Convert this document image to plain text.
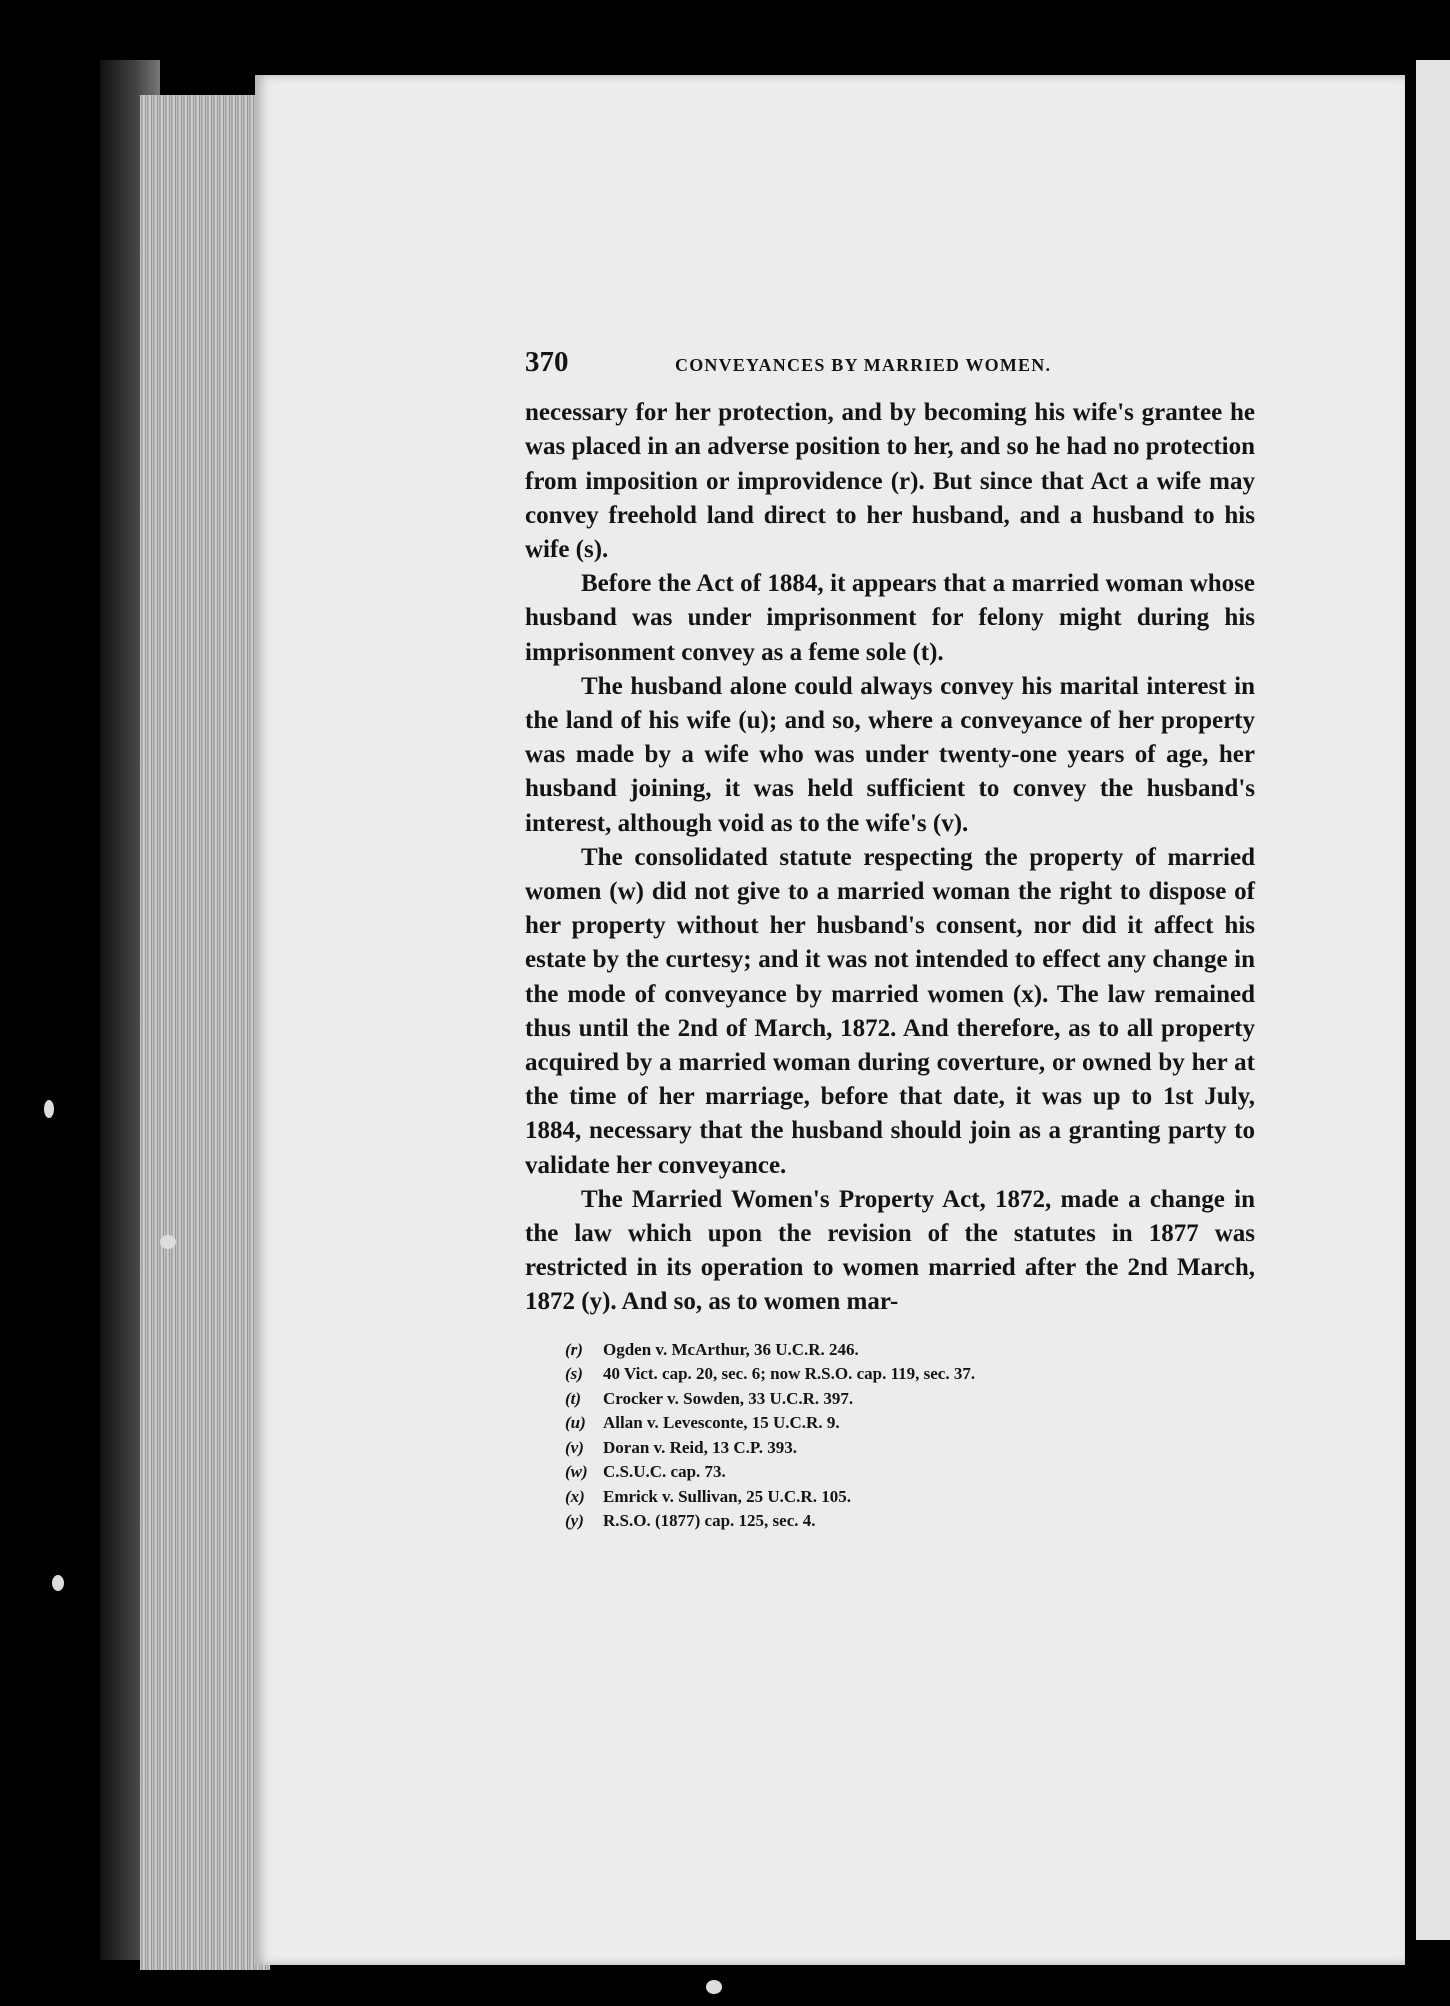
370	CONVEYANCES BY MARRIED WOMEN.

necessary for her protection, and by becoming his wife's grantee he was placed in an adverse position to her, and so he had no protection from imposition or improvidence (r). But since that Act a wife may convey freehold land direct to her husband, and a husband to his wife (s).

Before the Act of 1884, it appears that a married woman whose husband was under imprisonment for felony might during his imprisonment convey as a feme sole (t).

The husband alone could always convey his marital interest in the land of his wife (u); and so, where a conveyance of her property was made by a wife who was under twenty-one years of age, her husband joining, it was held sufficient to convey the husband's interest, although void as to the wife's (v).

The consolidated statute respecting the property of married women (w) did not give to a married woman the right to dispose of her property without her husband's consent, nor did it affect his estate by the curtesy; and it was not intended to effect any change in the mode of conveyance by married women (x). The law remained thus until the 2nd of March, 1872. And therefore, as to all property acquired by a married woman during coverture, or owned by her at the time of her marriage, before that date, it was up to 1st July, 1884, necessary that the husband should join as a granting party to validate her conveyance.

The Married Women's Property Act, 1872, made a change in the law which upon the revision of the statutes in 1877 was restricted in its operation to women married after the 2nd March, 1872 (y). And so, as to women mar-

(r) Ogden v. McArthur, 36 U.C.R. 246.

(s) 40 Vict. cap. 20, sec. 6; now R.S.O. cap. 119, sec. 37.

(t) Crocker v. Sowden, 33 U.C.R. 397.

(u) Allan v. Levesconte, 15 U.C.R. 9.

(v) Doran v. Reid, 13 C.P. 393.

(w) C.S.U.C. cap. 73.

(x) Emrick v. Sullivan, 25 U.C.R. 105.

(y) R.S.O. (1877) cap. 125, sec. 4.
